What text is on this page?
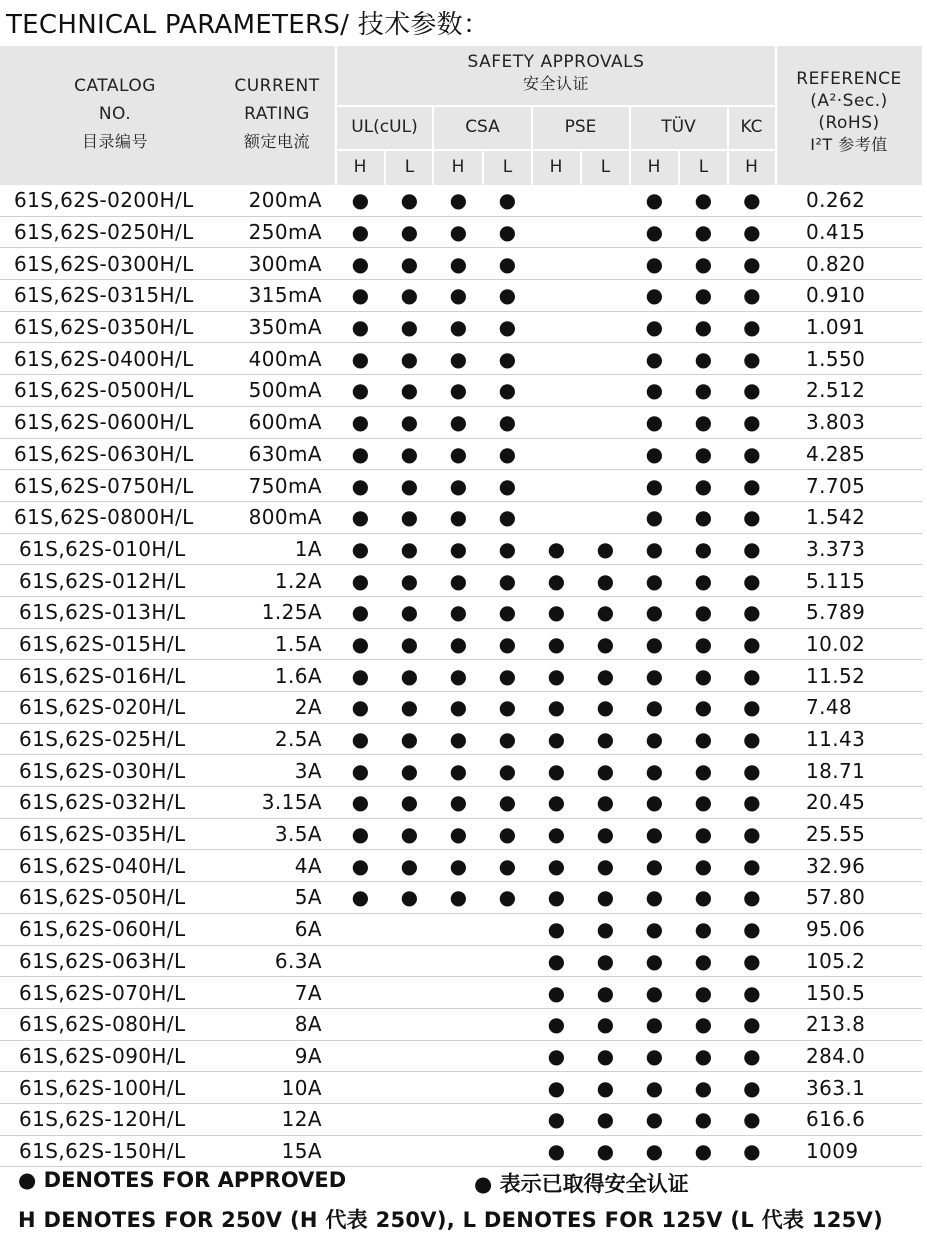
TECHNICAL PARAMETERS/ 技术参数：
CATALOG
NO.
目录编号
CURRENT
RATING
额定电流
SAFETY APPROVALS
安全认证	REFERENCE
(A²·Sec.)
(RoHS)
I²T 参考值
UL(cUL)	CSA	PSE	TÜV	KC
H	L	H	L	H	L	H	L	H
61S,62S-0200H/L	200mA	●	●	●	●			●	●	●	0.262
61S,62S-0250H/L	250mA	●	●	●	●			●	●	●	0.415
61S,62S-0300H/L	300mA	●	●	●	●			●	●	●	0.820
61S,62S-0315H/L	315mA	●	●	●	●			●	●	●	0.910
61S,62S-0350H/L	350mA	●	●	●	●			●	●	●	1.091
61S,62S-0400H/L	400mA	●	●	●	●			●	●	●	1.550
61S,62S-0500H/L	500mA	●	●	●	●			●	●	●	2.512
61S,62S-0600H/L	600mA	●	●	●	●			●	●	●	3.803
61S,62S-0630H/L	630mA	●	●	●	●			●	●	●	4.285
61S,62S-0750H/L	750mA	●	●	●	●			●	●	●	7.705
61S,62S-0800H/L	800mA	●	●	●	●			●	●	●	1.542
61S,62S-010H/L	1A	●	●	●	●	●	●	●	●	●	3.373
61S,62S-012H/L	1.2A	●	●	●	●	●	●	●	●	●	5.115
61S,62S-013H/L	1.25A	●	●	●	●	●	●	●	●	●	5.789
61S,62S-015H/L	1.5A	●	●	●	●	●	●	●	●	●	10.02
61S,62S-016H/L	1.6A	●	●	●	●	●	●	●	●	●	11.52
61S,62S-020H/L	2A	●	●	●	●	●	●	●	●	●	7.48
61S,62S-025H/L	2.5A	●	●	●	●	●	●	●	●	●	11.43
61S,62S-030H/L	3A	●	●	●	●	●	●	●	●	●	18.71
61S,62S-032H/L	3.15A	●	●	●	●	●	●	●	●	●	20.45
61S,62S-035H/L	3.5A	●	●	●	●	●	●	●	●	●	25.55
61S,62S-040H/L	4A	●	●	●	●	●	●	●	●	●	32.96
61S,62S-050H/L	5A	●	●	●	●	●	●	●	●	●	57.80
61S,62S-060H/L	6A					●	●	●	●	●	95.06
61S,62S-063H/L	6.3A					●	●	●	●	●	105.2
61S,62S-070H/L	7A					●	●	●	●	●	150.5
61S,62S-080H/L	8A					●	●	●	●	●	213.8
61S,62S-090H/L	9A					●	●	●	●	●	284.0
61S,62S-100H/L	10A					●	●	●	●	●	363.1
61S,62S-120H/L	12A					●	●	●	●	●	616.6
61S,62S-150H/L	15A					●	●	●	●	●	1009
● DENOTES FOR APPROVED	● 表示已取得安全认证
H DENOTES FOR 250V (H 代表 250V), L DENOTES FOR 125V (L 代表 125V)
